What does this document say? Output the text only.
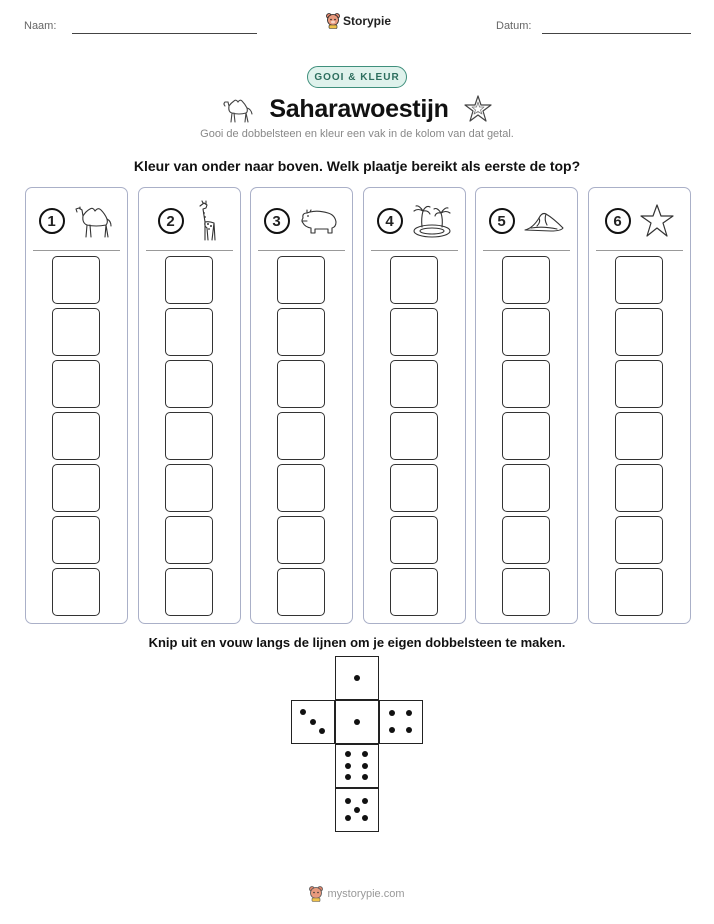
Naam:	Storypie	Datum:
GOOI & KLEUR
Saharawoestijn
Gooi de dobbelsteen en kleur een vak in de kolom van dat getal.
Kleur van onder naar boven. Welk plaatje bereikt als eerste de top?
1	2	3	4	5	6
Knip uit en vouw langs de lijnen om je eigen dobbelsteen te maken.
mystorypie.com
